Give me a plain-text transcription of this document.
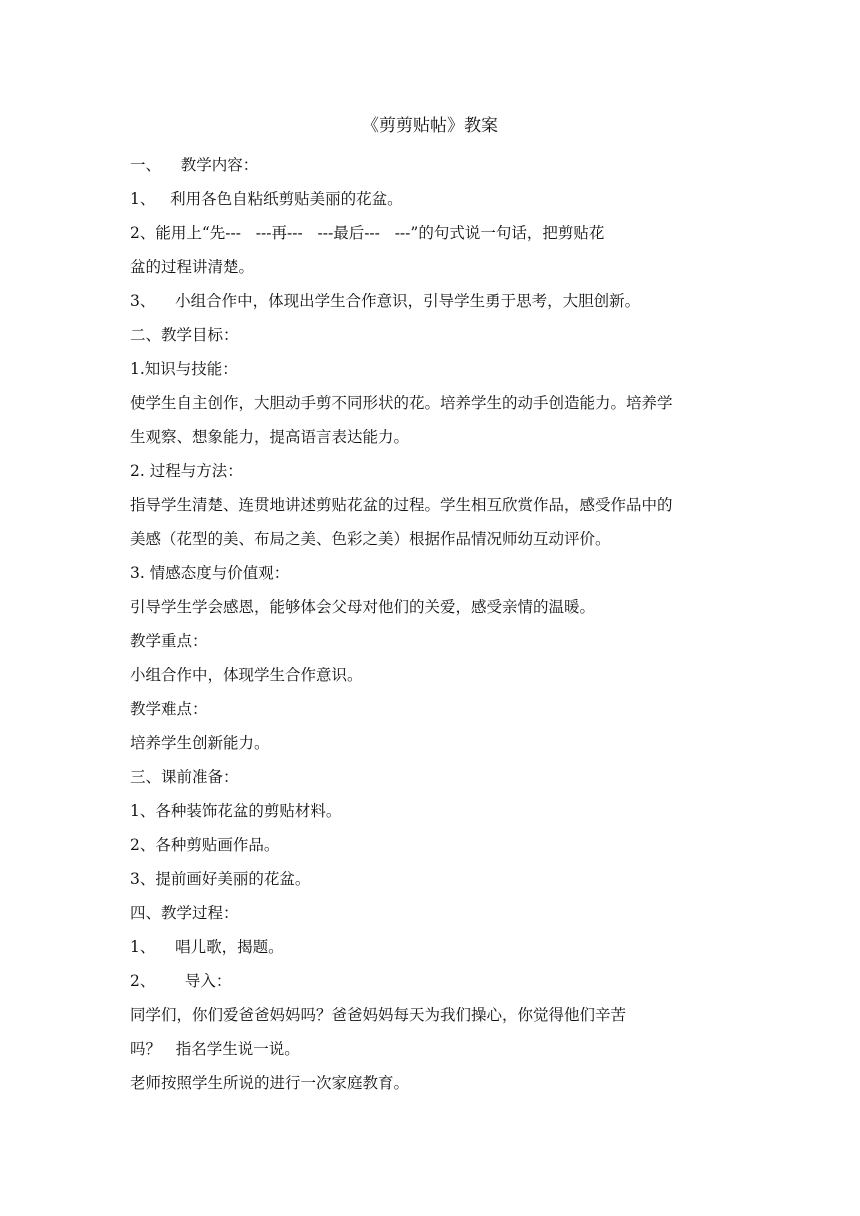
《剪剪贴帖》教案
一、    教学内容：
1、   利用各色自粘纸剪贴美丽的花盆。
2、能用上“先---   ---再---   ---最后---   ---”的句式说一句话，把剪贴花
盆的过程讲清楚。
3、    小组合作中，体现出学生合作意识，引导学生勇于思考，大胆创新。
二、教学目标：
1.知识与技能：
使学生自主创作，大胆动手剪不同形状的花。培养学生的动手创造能力。培养学
生观察、想象能力，提高语言表达能力。
2. 过程与方法：
指导学生清楚、连贯地讲述剪贴花盆的过程。学生相互欣赏作品，感受作品中的
美感（花型的美、布局之美、色彩之美）根据作品情况师幼互动评价。
3. 情感态度与价值观：
引导学生学会感恩，能够体会父母对他们的关爱，感受亲情的温暖。
教学重点：
小组合作中，体现学生合作意识。
教学难点：
培养学生创新能力。
三、课前准备：
1、各种装饰花盆的剪贴材料。
2、各种剪贴画作品。
3、提前画好美丽的花盆。
四、教学过程：
1、    唱儿歌，揭题。
2、      导入：
同学们，你们爱爸爸妈妈吗？爸爸妈妈每天为我们操心，你觉得他们辛苦
吗？   指名学生说一说。
老师按照学生所说的进行一次家庭教育。
